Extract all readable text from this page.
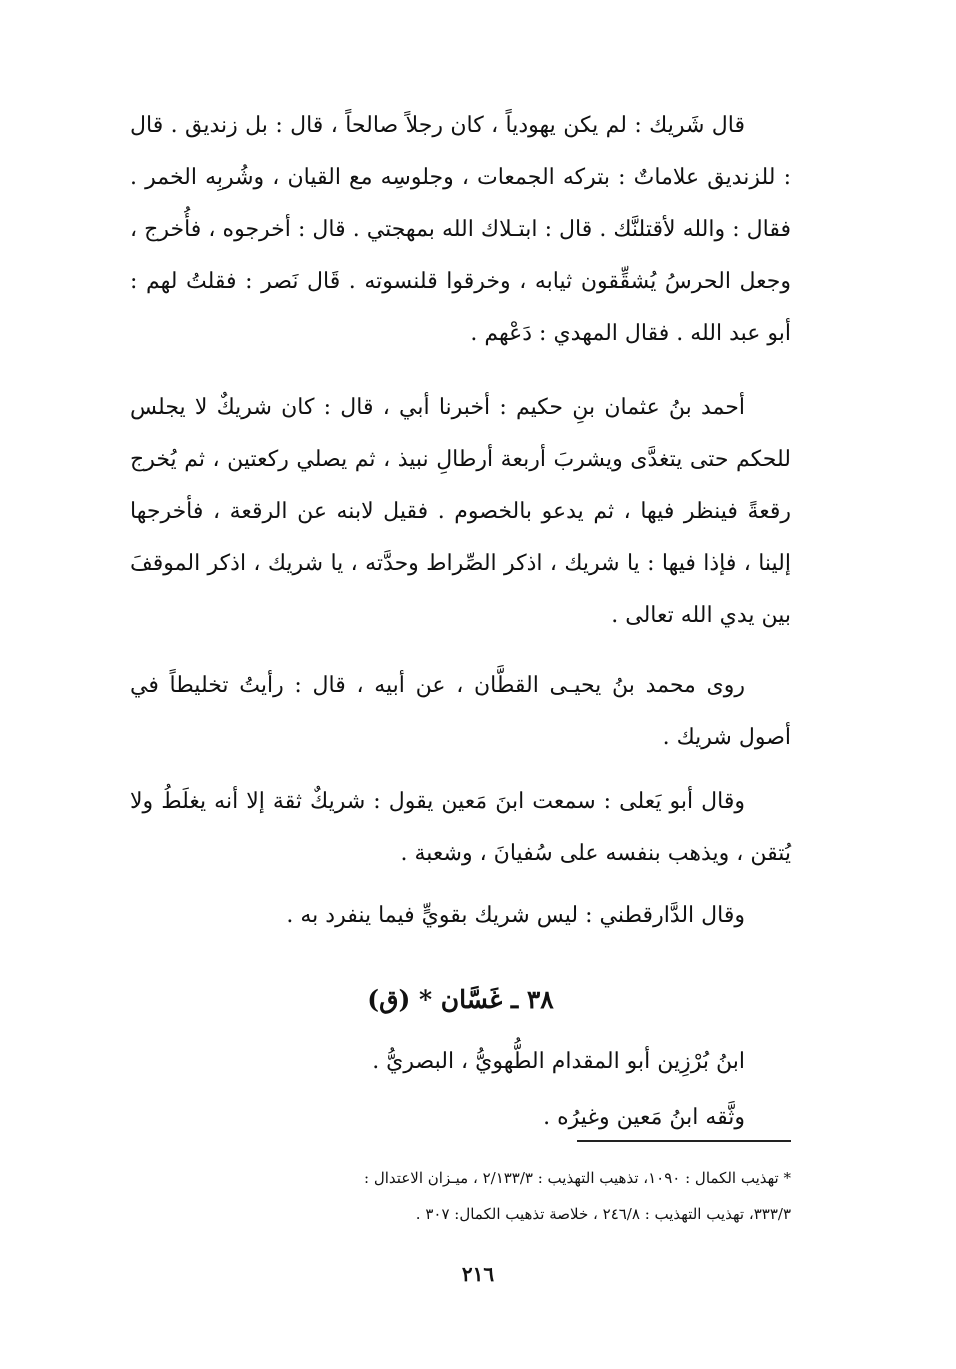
قال شَريك : لم يكن يهودياً ، كان رجلاً صالحاً ، قال : بل زنديق . قال : للزنديق علاماتٌ : بتركه الجمعات ، وجلوسِه مع القيان ، وشُربِه الخمر . فقال : والله لأقتلنَّك . قال : ابتـلاك الله بمهجتي . قال : أخرجوه ، فأُخرج ، وجعل الحرسُ يُشقِّقون ثيابه ، وخرقوا قلنسوته . قَال نَصر : فقلتُ لهم : أبو عبد الله . فقال المهدي : دَعْهم .

أحمد بنُ عثمان بنِ حكيم : أخبرنا أبي ، قال : كان شريكٌ لا يجلس للحكم حتى يتغدَّى ويشربَ أربعة أرطالِ نبيذ ، ثم يصلي ركعتين ، ثم يُخرج رقعةً فينظر فيها ، ثم يدعو بالخصوم . فقيل لابنه عن الرقعة ، فأخرجها إلينا ، فإذا فيها : يا شريك ، اذكر الصِّراط وحدَّته ، يا شريك ، اذكر الموقفَ بين يدي الله تعالى .

روى محمد بنُ يحيـى القطَّان ، عن أبيه ، قال : رأيتُ تخليطاً في أصول شريك .

وقال أبو يَعلى : سمعت ابنَ مَعين يقول : شريكٌ ثقة إلا أنه يغلَطُ ولا يُتقن ، ويذهب بنفسه على سُفيانَ ، وشعبة .

وقال الدَّارقطني : ليس شريك بقويٍّ فيما ينفرد به .

٣٨ ـ غَسَّان * (ق)

ابنُ بُرْزِين أبو المقدام الطُّهويُّ ، البصريُّ .

وثَّقه ابنُ مَعين وغيرُه .

* تهذيب الكمال : ١٠٩٠، تذهيب التهذيب : ٢/١٣٣/٣ ، ميـزان الاعتدال :

٣٣٣/٣، تهذيب التهذيب : ٢٤٦/٨ ، خلاصة تذهيب الكمال: ٣٠٧ .

٢١٦
